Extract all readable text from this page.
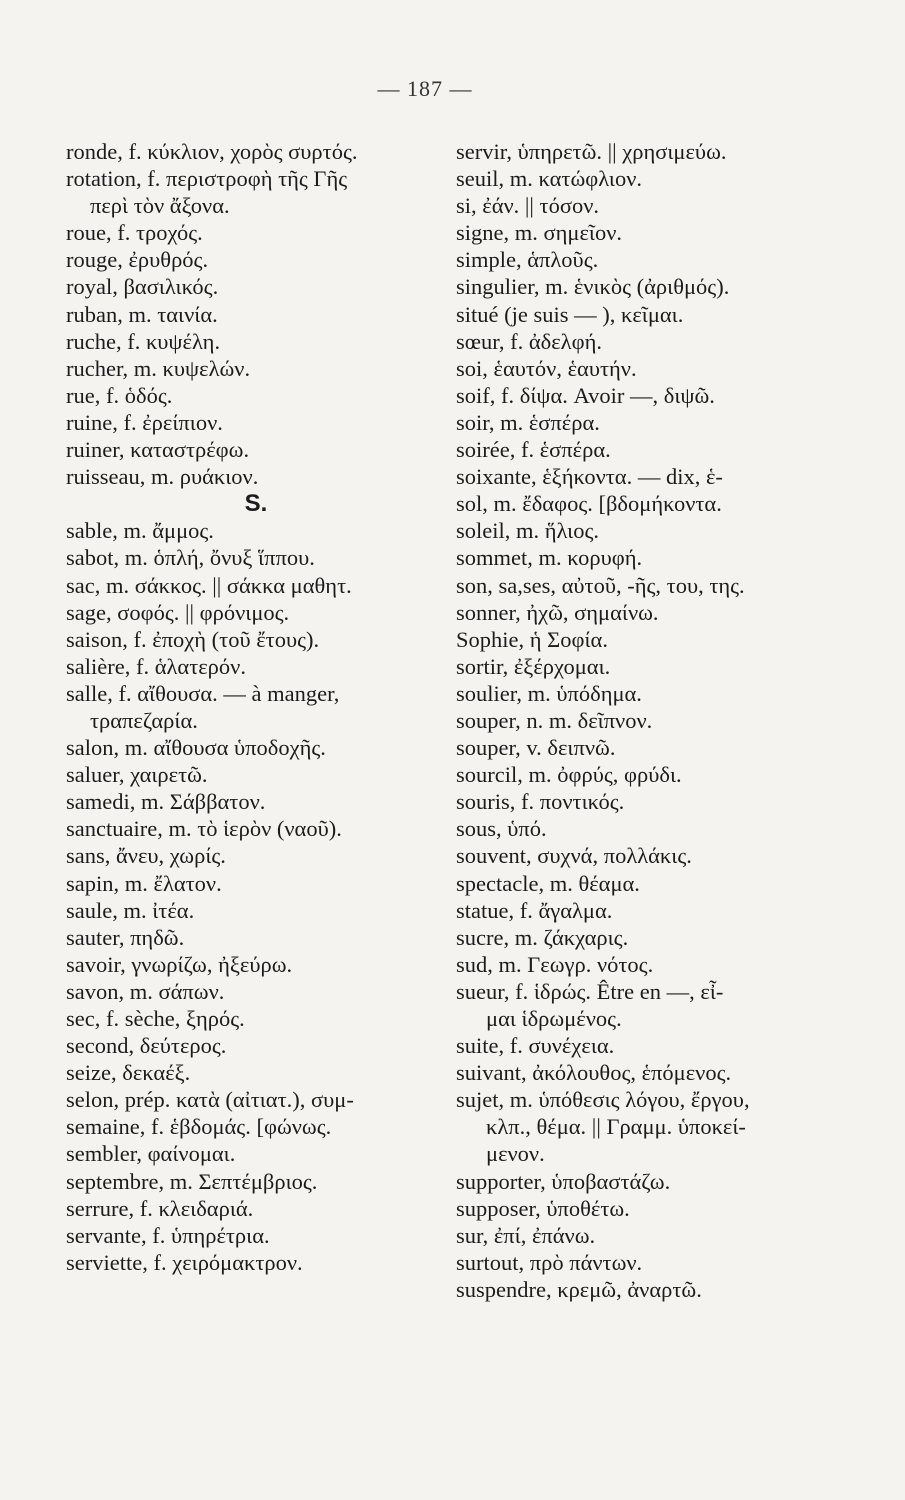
— 187 —
ronde, f. κύκλιον, χορὸς συρτός.
rotation, f. περιστροφὴ τῆς Γῆς
περὶ τὸν ἄξονα.
roue, f. τροχός.
rouge, ἐρυθρός.
royal, βασιλικός.
ruban, m. ταινία.
ruche, f. κυψέλη.
rucher, m. κυψελών.
rue, f. ὁδός.
ruine, f. ἐρείπιον.
ruiner, καταστρέφω.
ruisseau, m. ρυάκιον.
S.
sable, m. ἄμμος.
sabot, m. ὁπλή, ὄνυξ ἵππου.
sac, m. σάκκος. || σάκκα μαθητ.
sage, σοφός. || φρόνιμος.
saison, f. ἐποχὴ (τοῦ ἔτους).
salière, f. ἁλατερόν.
salle, f. αἴθουσα. — à manger,
τραπεζαρία.
salon, m. αἴθουσα ὑποδοχῆς.
saluer, χαιρετῶ.
samedi, m. Σάββατον.
sanctuaire, m. τὸ ἱερὸν (ναοῦ).
sans, ἄνευ, χωρίς.
sapin, m. ἔλατον.
saule, m. ἰτέα.
sauter, πηδῶ.
savoir, γνωρίζω, ἠξεύρω.
savon, m. σάπων.
sec, f. sèche, ξηρός.
second, δεύτερος.
seize, δεκαέξ.
selon, prép. κατὰ (αἰτιατ.), συμ-
semaine, f. ἑβδομάς. [φώνως.
sembler, φαίνομαι.
septembre, m. Σεπτέμβριος.
serrure, f. κλειδαριά.
servante, f. ὑπηρέτρια.
serviette, f. χειρόμακτρον.
servir, ὑπηρετῶ. || χρησιμεύω.
seuil, m. κατώφλιον.
si, ἐάν. || τόσον.
signe, m. σημεῖον.
simple, ἁπλοῦς.
singulier, m. ἑνικὸς (ἀριθμός).
situé (je suis — ), κεῖμαι.
sœur, f. ἀδελφή.
soi, ἑαυτόν, ἑαυτήν.
soif, f. δίψα. Avoir —, διψῶ.
soir, m. ἑσπέρα.
soirée, f. ἑσπέρα.
soixante, ἑξήκοντα. — dix, ἑ-
sol, m. ἔδαφος. [βδομήκοντα.
soleil, m. ἥλιος.
sommet, m. κορυφή.
son, sa,ses, αὐτοῦ, -ῆς, του, της.
sonner, ἠχῶ, σημαίνω.
Sophie, ἡ Σοφία.
sortir, ἐξέρχομαι.
soulier, m. ὑπόδημα.
souper, n. m. δεῖπνον.
souper, v. δειπνῶ.
sourcil, m. ὀφρύς, φρύδι.
souris, f. ποντικός.
sous, ὑπό.
souvent, συχνά, πολλάκις.
spectacle, m. θέαμα.
statue, f. ἄγαλμα.
sucre, m. ζάκχαρις.
sud, m. Γεωγρ. νότος.
sueur, f. ἱδρώς. Être en —, εἶ-
μαι ἱδρωμένος.
suite, f. συνέχεια.
suivant, ἀκόλουθος, ἑπόμενος.
sujet, m. ὑπόθεσις λόγου, ἔργου,
κλπ., θέμα. || Γραμμ. ὑποκεί-
μενον.
supporter, ὑποβαστάζω.
supposer, ὑποθέτω.
sur, ἐπί, ἐπάνω.
surtout, πρὸ πάντων.
suspendre, κρεμῶ, ἀναρτῶ.
